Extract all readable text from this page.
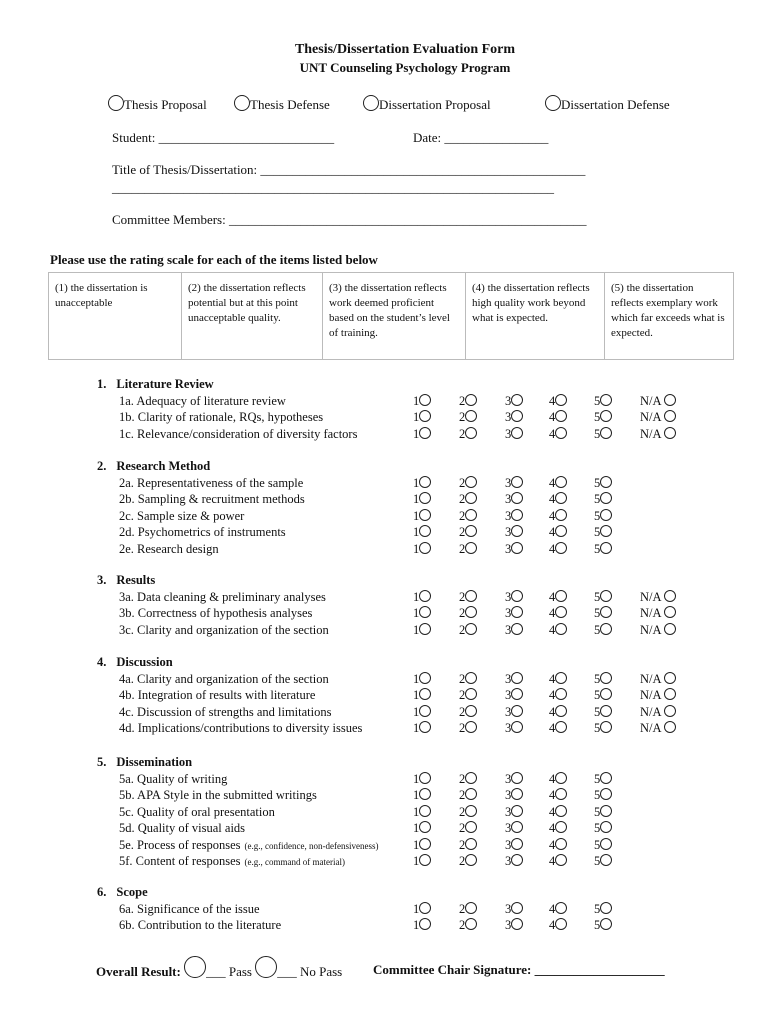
Thesis/Dissertation Evaluation Form
UNT Counseling Psychology Program
Thesis Proposal	Thesis Defense	Dissertation Proposal	Dissertation Defense
Student: ___________________________	Date: ________________
Title of Thesis/Dissertation: __________________________________________________
____________________________________________________________________
Committee Members: _______________________________________________________
Please use the rating scale for each of the items listed below
(1) the dissertation is unacceptable	(2) the dissertation reflects potential but at this point unacceptable quality.	(3) the dissertation reflects work deemed proficient based on the student’s level of training.	(4) the dissertation reflects high quality work beyond what is expected.	(5) the dissertation reflects exemplary work which far exceeds what is expected.
1. Literature Review
1a. Adequacy of literature review	1	2	3	4	5	N/A
1b. Clarity of rationale, RQs, hypotheses	1	2	3	4	5	N/A
1c. Relevance/consideration of diversity factors	1	2	3	4	5	N/A
2. Research Method
2a. Representativeness of the sample	1	2	3	4	5
2b. Sampling & recruitment methods	1	2	3	4	5
2c. Sample size & power	1	2	3	4	5
2d. Psychometrics of instruments	1	2	3	4	5
2e. Research design	1	2	3	4	5
3. Results
3a. Data cleaning & preliminary analyses	1	2	3	4	5	N/A
3b. Correctness of hypothesis analyses	1	2	3	4	5	N/A
3c. Clarity and organization of the section	1	2	3	4	5	N/A
4. Discussion
4a. Clarity and organization of the section	1	2	3	4	5	N/A
4b. Integration of results with literature	1	2	3	4	5	N/A
4c. Discussion of strengths and limitations	1	2	3	4	5	N/A
4d. Implications/contributions to diversity issues	1	2	3	4	5	N/A
5. Dissemination
5a. Quality of writing	1	2	3	4	5
5b. APA Style in the submitted writings	1	2	3	4	5
5c. Quality of oral presentation	1	2	3	4	5
5d. Quality of visual aids	1	2	3	4	5
5e. Process of responses (e.g., confidence, non-defensiveness)	1	2	3	4	5
5f. Content of responses (e.g., command of material)	1	2	3	4	5
6. Scope
6a. Significance of the issue	1	2	3	4	5
6b. Contribution to the literature	1	2	3	4	5
Overall Result: ___ Pass ___ No Pass Committee Chair Signature: ____________________
